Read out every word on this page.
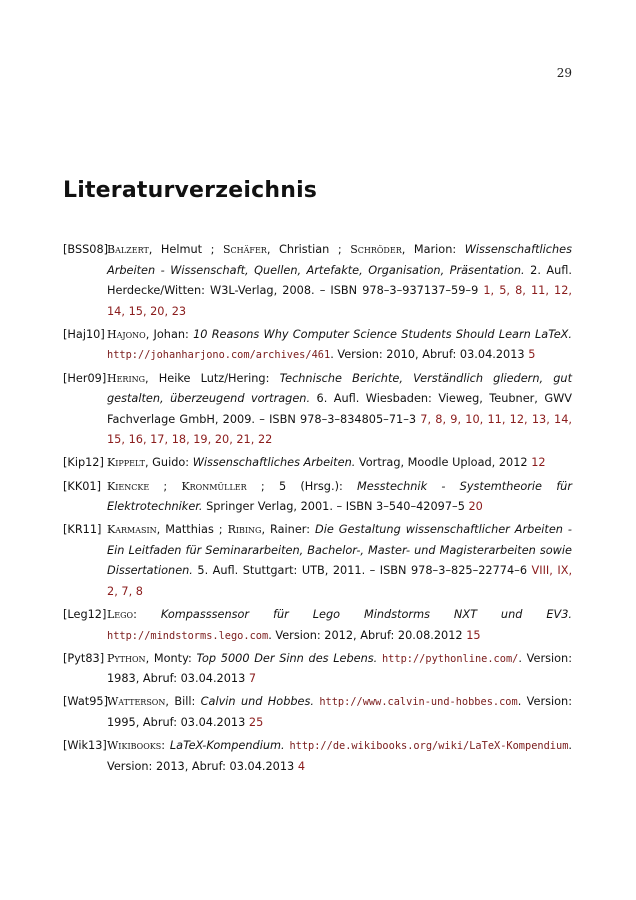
29
Literaturverzeichnis
[BSS08]
Balzert, Helmut ; Schäfer, Christian ; Schröder, Marion: Wissenschaftliches Arbeiten - Wissenschaft, Quellen, Artefakte, Organisation, Präsentation. 2. Aufl. Herdecke/Witten: W3L-Verlag, 2008. – ISBN 978–3–937137–59–9 1 , 5 , 8 , 11 , 12, 14 , 15 , 20 , 23
[Haj10] Hajono, Johan: 10 Reasons Why Computer Science Students Should Learn LaTeX. http://johanharjono.com/archives/461. Version: 2010, Abruf: 03.04.2013 5
[Her09] Hering, Heike Lutz/Hering: Technische Berichte, Verständlich gliedern, gut gestalten, überzeugend vortragen. 6. Aufl. Wiesbaden: Vieweg, Teubner, GWV Fachverlage GmbH, 2009. – ISBN 978–3–834805–71–3 7 , 8 , 9 , 10 , 11 , 12 , 13 , 14, 15 , 16 , 17 , 18 , 19 , 20 , 21 , 22
[Kip12] Kippelt, Guido: Wissenschaftliches Arbeiten. Vortrag, Moodle Upload, 2012 12
[KK01] Kiencke ; Kronmüller ; 5 (Hrsg.): Messtechnik - Systemtheorie für Elektrotechniker. Springer Verlag, 2001. – ISBN 3–540–42097–5 20
[KR11] Karmasin, Matthias ; Ribing, Rainer: Die Gestaltung wissenschaftlicher Arbeiten - Ein Leitfaden für Seminararbeiten, Bachelor-, Master- und Magisterarbeiten sowie Dissertationen. 5. Aufl. Stuttgart: UTB, 2011. – ISBN 978–3–825–22774–6 VIII , IX, 2 , 7 , 8
[Leg12] Lego: Kompasssensor für Lego Mindstorms NXT und EV3. http://mindstorms.lego.com. Version: 2012, Abruf: 20.08.2012 15
[Pyt83] Python, Monty: Top 5000 Der Sinn des Lebens. http://pythonline.com/. Version: 1983, Abruf: 03.04.2013 7
[Wat95] Watterson, Bill: Calvin und Hobbes. http://www.calvin-und-hobbes.com. Version: 1995, Abruf: 03.04.2013 25
[Wik13] Wikibooks: LaTeX-Kompendium. http://de.wikibooks.org/wiki/LaTeX-Kompendium. Version: 2013, Abruf: 03.04.2013 4
